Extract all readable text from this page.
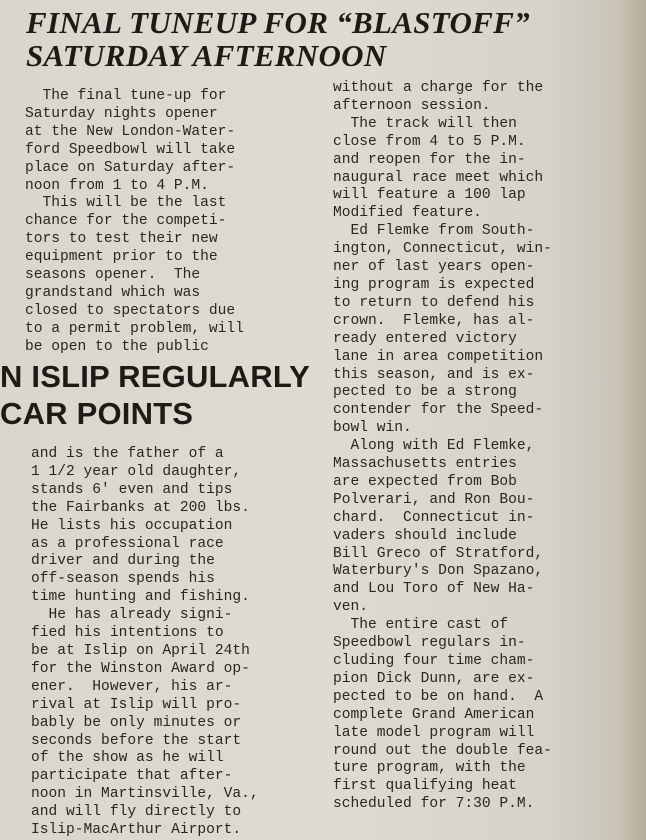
FINAL TUNEUP FOR “BLASTOFF”
SATURDAY AFTERNOON
The final tune-up for
Saturday nights opener
at the New London-Water-
ford Speedbowl will take
place on Saturday after-
noon from 1 to 4 P.M.
This will be the last
chance for the competi-
tors to test their new
equipment prior to the
seasons opener.  The
grandstand which was
closed to spectators due
to a permit problem, will
be open to the public
N ISLIP REGULARLY
CAR POINTS
and is the father of a
1 1/2 year old daughter,
stands 6' even and tips
the Fairbanks at 200 lbs.
He lists his occupation
as a professional race
driver and during the
off-season spends his
time hunting and fishing.
He has already signi-
fied his intentions to
be at Islip on April 24th
for the Winston Award op-
ener.  However, his ar-
rival at Islip will pro-
bably be only minutes or
seconds before the start
of the show as he will
participate that after-
noon in Martinsville, Va.,
and will fly directly to
Islip-MacArthur Airport.
without a charge for the
afternoon session.
The track will then
close from 4 to 5 P.M.
and reopen for the in-
naugural race meet which
will feature a 100 lap
Modified feature.
Ed Flemke from South-
ington, Connecticut, win-
ner of last years open-
ing program is expected
to return to defend his
crown.  Flemke, has al-
ready entered victory
lane in area competition
this season, and is ex-
pected to be a strong
contender for the Speed-
bowl win.
Along with Ed Flemke,
Massachusetts entries
are expected from Bob
Polverari, and Ron Bou-
chard.  Connecticut in-
vaders should include
Bill Greco of Stratford,
Waterbury's Don Spazano,
and Lou Toro of New Ha-
ven.
The entire cast of
Speedbowl regulars in-
cluding four time cham-
pion Dick Dunn, are ex-
pected to be on hand.  A
complete Grand American
late model program will
round out the double fea-
ture program, with the
first qualifying heat
scheduled for 7:30 P.M.
